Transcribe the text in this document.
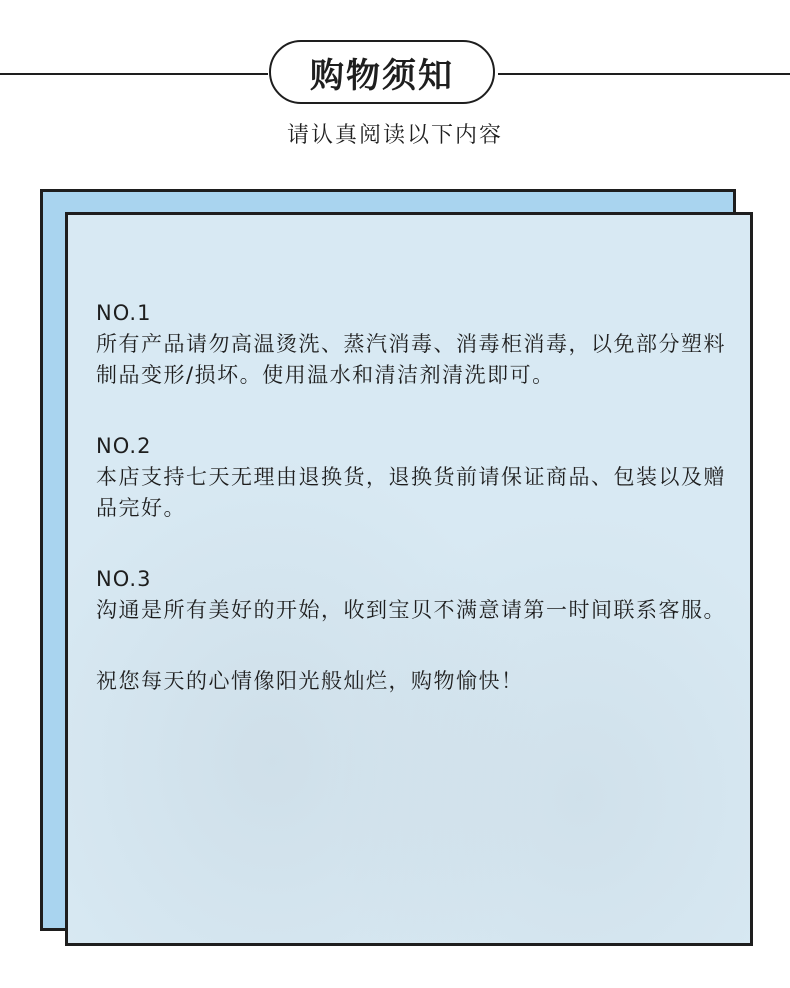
购物须知
请认真阅读以下内容
NO.1
所有产品请勿高温烫洗、蒸汽消毒、消毒柜消毒，以免部分塑料制品变形/损坏。使用温水和清洁剂清洗即可。
NO.2
本店支持七天无理由退换货，退换货前请保证商品、包装以及赠品完好。
NO.3
沟通是所有美好的开始，收到宝贝不满意请第一时间联系客服。
祝您每天的心情像阳光般灿烂，购物愉快！
